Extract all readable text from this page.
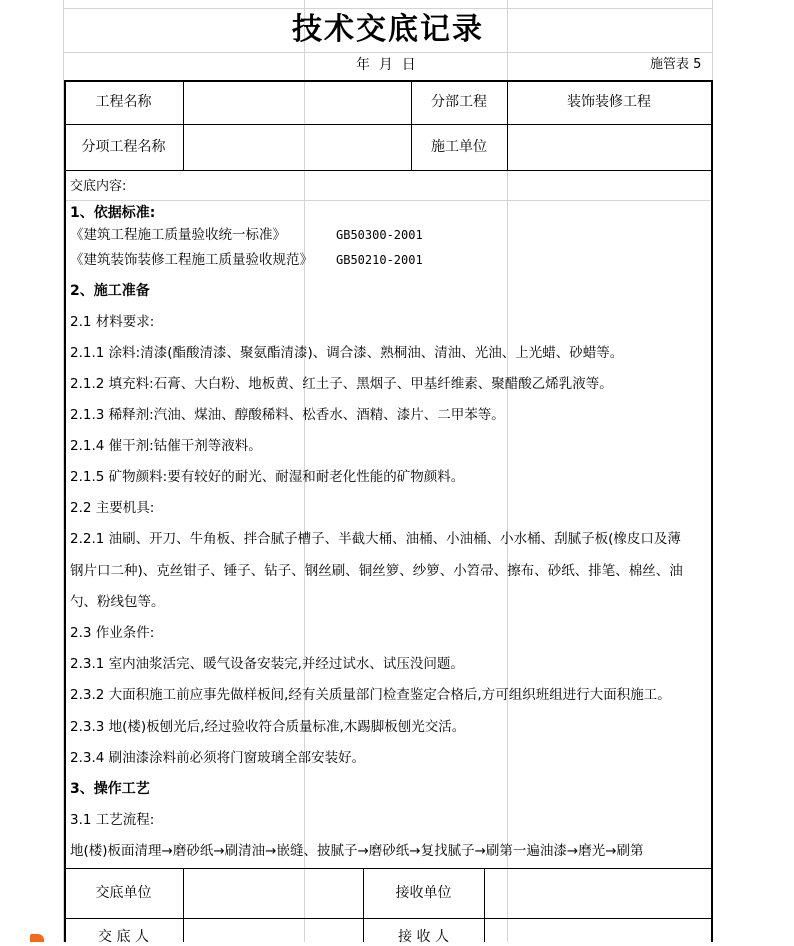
技术交底记录
年  月  日	施管表 5
工程名称	分部工程	装饰装修工程
分项工程名称	施工单位
交底内容:
1、依据标准:
《建筑工程施工质量验收统一标准》	GB50300-2001
《建筑装饰装修工程施工质量验收规范》 GB50210-2001
2、施工准备
2.1 材料要求:
2.1.1 涂料:清漆(酯酸清漆、聚氨酯清漆)、调合漆、熟桐油、清油、光油、上光蜡、砂蜡等。
2.1.2 填充料:石膏、大白粉、地板黄、红土子、黑烟子、甲基纤维素、聚醋酸乙烯乳液等。
2.1.3 稀释剂:汽油、煤油、醇酸稀料、松香水、酒精、漆片、二甲苯等。
2.1.4 催干剂:钴催干剂等液料。
2.1.5 矿物颜料:要有较好的耐光、耐湿和耐老化性能的矿物颜料。
2.2 主要机具:
2.2.1 油刷、开刀、牛角板、拌合腻子槽子、半截大桶、油桶、小油桶、小水桶、刮腻子板(橡皮口及薄
钢片口二种)、克丝钳子、锤子、钻子、钢丝刷、铜丝箩、纱箩、小笤帚、擦布、砂纸、排笔、棉丝、油
勺、粉线包等。
2.3 作业条件:
2.3.1 室内油浆活完、暖气设备安装完,并经过试水、试压没问题。
2.3.2 大面积施工前应事先做样板间,经有关质量部门检查鉴定合格后,方可组织班组进行大面积施工。
2.3.3 地(楼)板刨光后,经过验收符合质量标准,木踢脚板刨光交活。
2.3.4 刷油漆涂料前必须将门窗玻璃全部安装好。
3、操作工艺
3.1 工艺流程:
地(楼)板面清理→磨砂纸→刷清油→嵌缝、披腻子→磨砂纸→复找腻子→刷第一遍油漆→磨光→刷第
交底单位	接收单位
交 底 人	接 收 人
